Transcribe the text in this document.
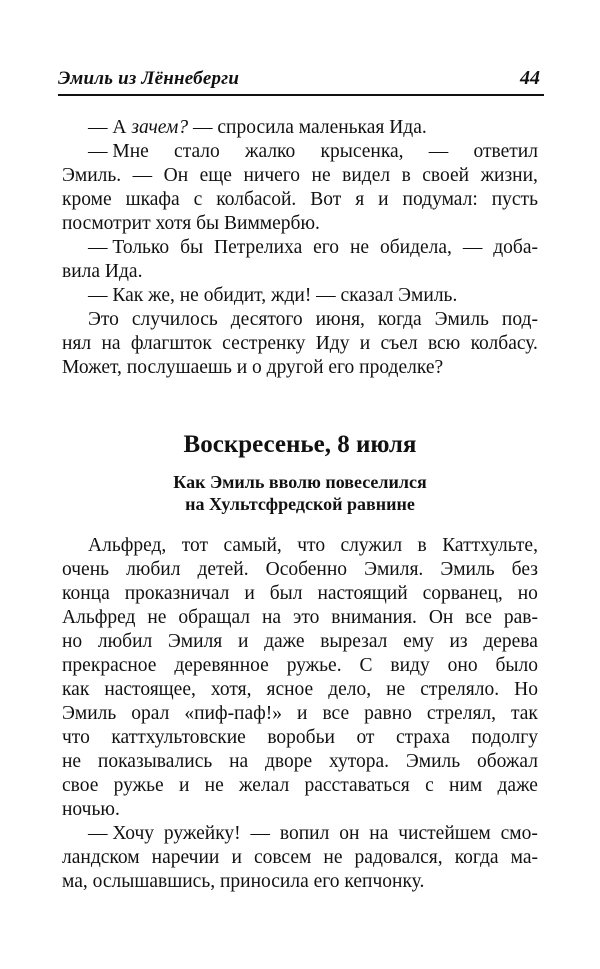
Эмиль из Лённеберги	44
— А зачем? — спросила маленькая Ида.
— Мне стало жалко крысенка, — ответил
Эмиль. — Он еще ничего не видел в своей жизни,
кроме шкафа с колбасой. Вот я и подумал: пусть
посмотрит хотя бы Виммербю.
— Только бы Петрелиха его не обидела, — доба-
вила Ида.
— Как же, не обидит, жди! — сказал Эмиль.
Это случилось десятого июня, когда Эмиль под-
нял на флагшток сестренку Иду и съел всю колбасу.
Может, послушаешь и о другой его проделке?
Воскресенье, 8 июля
Как Эмиль вволю повеселился
на Хультсфредской равнине
Альфред, тот самый, что служил в Каттхульте,
очень любил детей. Особенно Эмиля. Эмиль без
конца проказничал и был настоящий сорванец, но
Альфред не обращал на это внимания. Он все рав-
но любил Эмиля и даже вырезал ему из дерева
прекрасное деревянное ружье. С виду оно было
как настоящее, хотя, ясное дело, не стреляло. Но
Эмиль орал «пиф-паф!» и все равно стрелял, так
что каттхультовские воробьи от страха подолгу
не показывались на дворе хутора. Эмиль обожал
свое ружье и не желал расставаться с ним даже
ночью.
— Хочу ружейку! — вопил он на чистейшем смо-
ландском наречии и совсем не радовался, когда ма-
ма, ослышавшись, приносила его кепчонку.
